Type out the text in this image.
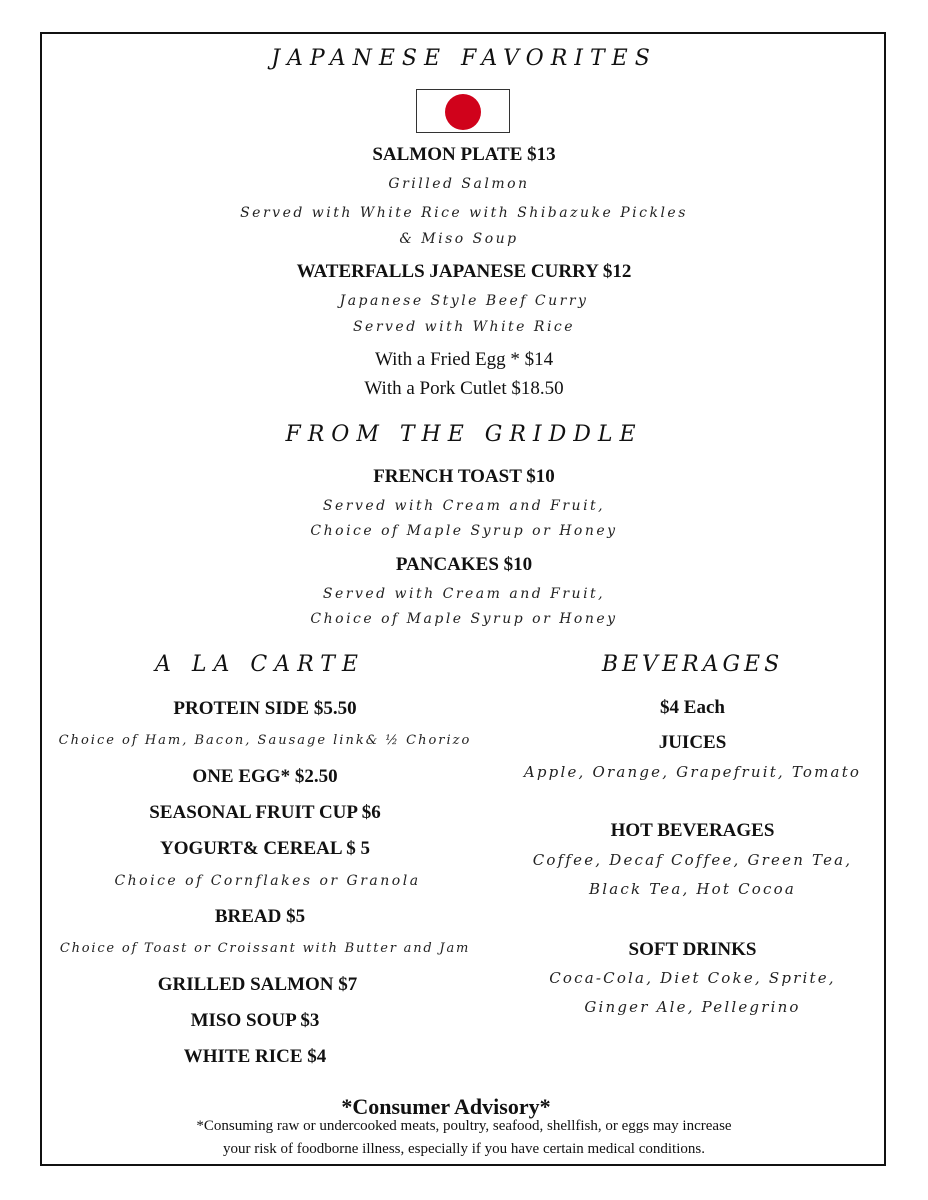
JAPANESE FAVORITES
SALMON PLATE $13
Grilled Salmon
Served with White Rice with Shibazuke Pickles
& Miso Soup
WATERFALLS JAPANESE CURRY $12
Japanese Style Beef Curry
Served with White Rice
With a Fried Egg * $14
With a Pork Cutlet $18.50
FROM THE GRIDDLE
FRENCH TOAST $10
Served with Cream and Fruit,
Choice of Maple Syrup or Honey
PANCAKES $10
Served with Cream and Fruit,
Choice of Maple Syrup or Honey
A LA CARTE
PROTEIN SIDE $5.50
Choice of Ham, Bacon, Sausage link& ½ Chorizo
ONE EGG* $2.50
SEASONAL FRUIT CUP $6
YOGURT& CEREAL $ 5
Choice of Cornflakes or Granola
BREAD $5
Choice of Toast or Croissant with Butter and Jam
GRILLED SALMON $7
MISO SOUP $3
WHITE RICE $4
BEVERAGES
$4 Each
JUICES
Apple, Orange, Grapefruit, Tomato
HOT BEVERAGES
Coffee, Decaf Coffee, Green Tea,
Black Tea, Hot Cocoa
SOFT DRINKS
Coca-Cola, Diet Coke, Sprite,
Ginger Ale, Pellegrino
*Consumer Advisory*
*Consuming raw or undercooked meats, poultry, seafood, shellfish, or eggs may increase
your risk of foodborne illness, especially if you have certain medical conditions.
